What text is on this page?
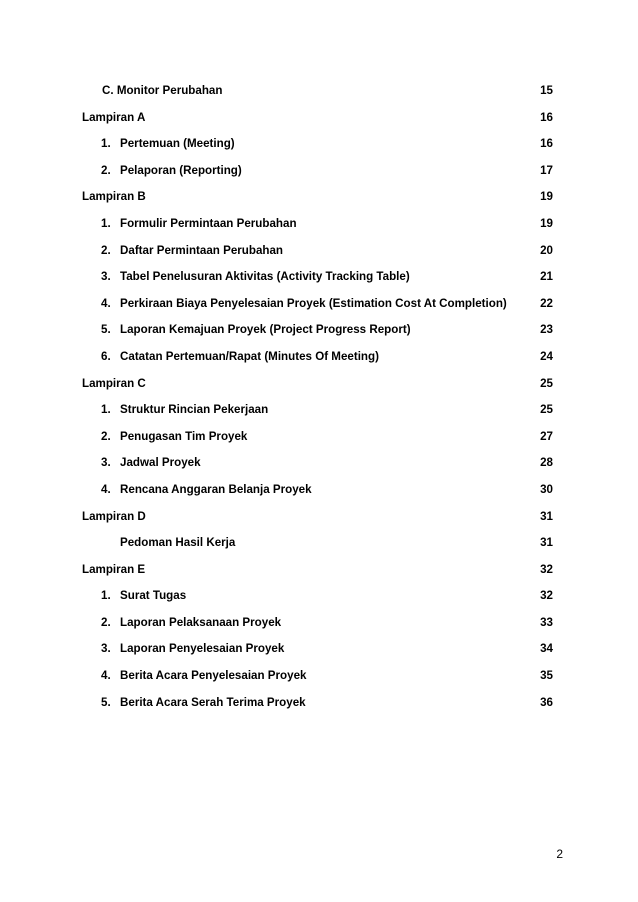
C. Monitor Perubahan	15
Lampiran A	16
1. Pertemuan (Meeting)	16
2. Pelaporan (Reporting)	17
Lampiran B	19
1. Formulir Permintaan Perubahan	19
2. Daftar Permintaan Perubahan	20
3. Tabel Penelusuran Aktivitas (Activity Tracking Table)	21
4. Perkiraan Biaya Penyelesaian Proyek (Estimation Cost At Completion)	22
5. Laporan Kemajuan Proyek (Project Progress Report)	23
6. Catatan Pertemuan/Rapat (Minutes Of Meeting)	24
Lampiran C	25
1. Struktur Rincian Pekerjaan	25
2. Penugasan Tim Proyek	27
3. Jadwal Proyek	28
4. Rencana Anggaran Belanja Proyek	30
Lampiran D	31
Pedoman Hasil Kerja	31
Lampiran E	32
1. Surat Tugas	32
2. Laporan Pelaksanaan Proyek	33
3. Laporan Penyelesaian Proyek	34
4. Berita Acara Penyelesaian Proyek	35
5. Berita Acara Serah Terima Proyek	36
2
